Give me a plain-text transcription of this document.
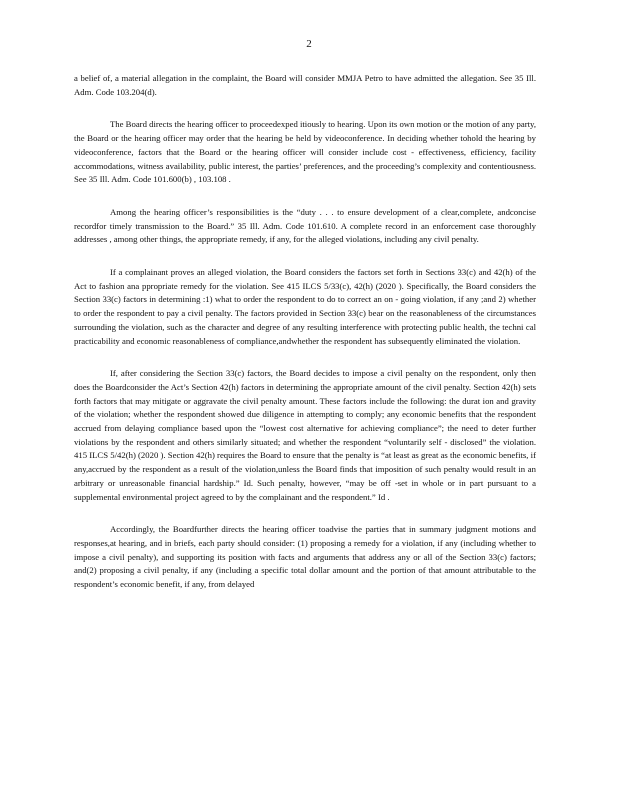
2

a belief of, a material allegation in the complaint, the Board will consider MMJA Petro to have admitted the allegation. See 35 Ill. Adm. Code 103.204(d).

The Board directs the hearing officer to proceedexped itiously to hearing. Upon its own motion or the motion of any party, the Board or the hearing officer may order that the hearing be held by videoconference. In deciding whether tohold the hearing by videoconference, factors that the Board or the hearing officer will consider include cost - effectiveness, efficiency, facility accommodations, witness availability, public interest, the parties’ preferences, and the proceeding’s complexity and contentiousness. See 35 Ill. Adm. Code 101.600(b) , 103.108 .

Among the hearing officer’s responsibilities is the “duty . . . to ensure development of a clear,complete, andconcise recordfor timely transmission to the Board.” 35 Ill. Adm. Code 101.610. A complete record in an enforcement case thoroughly addresses , among other things, the appropriate remedy, if any, for the alleged violations, including any civil penalty.

If a complainant proves an alleged violation, the Board considers the factors set forth in Sections 33(c) and 42(h) of the Act to fashion ana ppropriate remedy for the violation. See 415 ILCS 5/33(c), 42(h) (2020 ). Specifically, the Board considers the Section 33(c) factors in determining :1) what to order the respondent to do to correct an on - going violation, if any ;and 2) whether to order the respondent to pay a civil penalty. The factors provided in Section 33(c) bear on the reasonableness of the circumstances surrounding the violation, such as the character and degree of any resulting interference with protecting public health, the techni cal practicability and economic reasonableness of compliance,andwhether the respondent has subsequently eliminated the violation.

If, after considering the Section 33(c) factors, the Board decides to impose a civil penalty on the respondent, only then does the Boardconsider the Act’s Section 42(h) factors in determining the appropriate amount of the civil penalty. Section 42(h) sets forth factors that may mitigate or aggravate the civil penalty amount. These factors include the following: the durat ion and gravity of the violation; whether the respondent showed due diligence in attempting to comply; any economic benefits that the respondent accrued from delaying compliance based upon the “lowest cost alternative for achieving compliance”; the need to deter further violations by the respondent and others similarly situated; and whether the respondent “voluntarily self - disclosed” the violation. 415 ILCS 5/42(h) (2020 ). Section 42(h) requires the Board to ensure that the penalty is “at least as great as the economic benefits, if any,accrued by the respondent as a result of the violation,unless the Board finds that imposition of such penalty would result in an arbitrary or unreasonable financial hardship.” Id. Such penalty, however, “may be off -set in whole or in part pursuant to a supplemental environmental project agreed to by the complainant and the respondent.” Id .

Accordingly, the Boardfurther directs the hearing officer toadvise the parties that in summary judgment motions and responses,at hearing, and in briefs, each party should consider: (1) proposing a remedy for a violation, if any (including whether to impose a civil penalty), and supporting its position with facts and arguments that address any or all of the Section 33(c) factors; and(2) proposing a civil penalty, if any (including a specific total dollar amount and the portion of that amount attributable to the respondent’s economic benefit, if any, from delayed
